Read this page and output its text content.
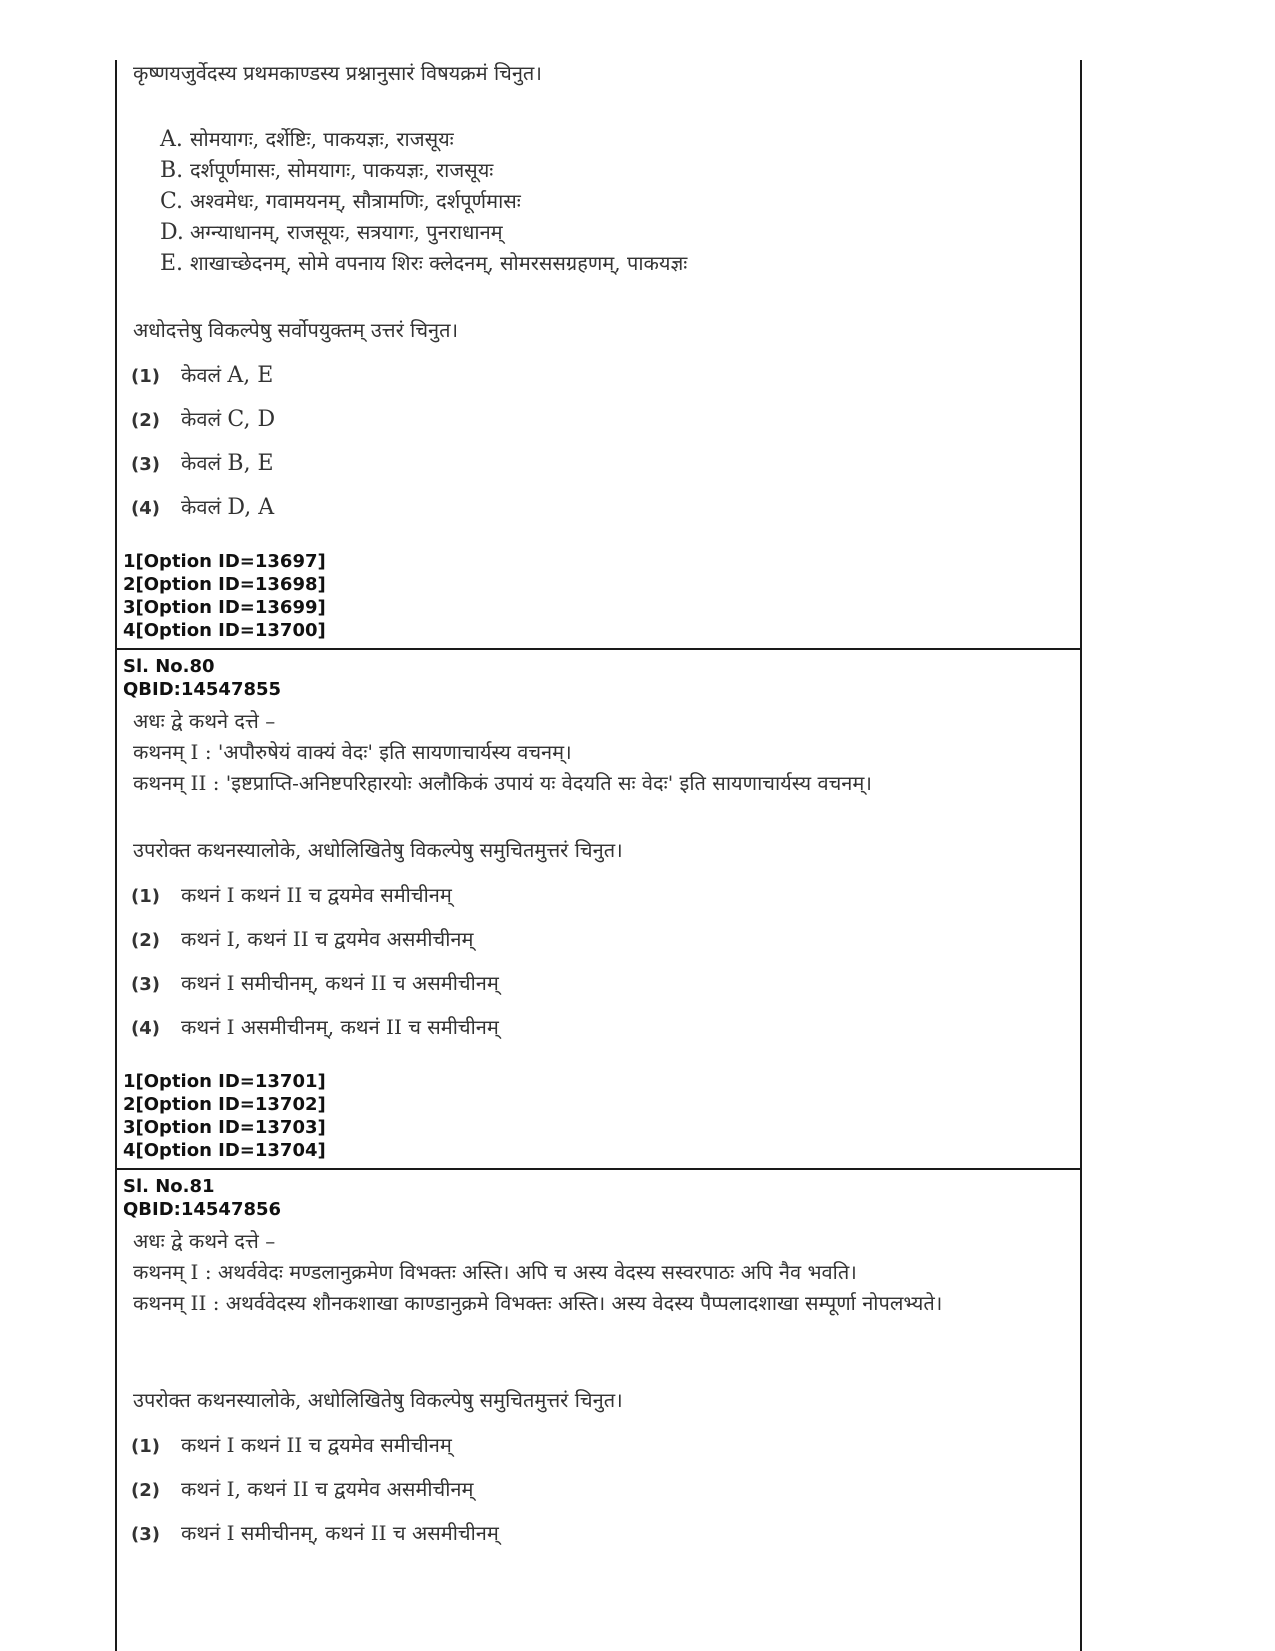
कृष्णयजुर्वेदस्य प्रथमकाण्डस्य प्रश्नानुसारं विषयक्रमं चिनुत।
A. सोमयागः, दर्शेष्टिः, पाकयज्ञः, राजसूयः
B. दर्शपूर्णमासः, सोमयागः, पाकयज्ञः, राजसूयः
C. अश्वमेधः, गवामयनम्, सौत्रामणिः, दर्शपूर्णमासः
D. अग्न्याधानम्, राजसूयः, सत्रयागः, पुनराधानम्
E. शाखाच्छेदनम्, सोमे वपनाय शिरः क्लेदनम्, सोमरससग्रहणम्, पाकयज्ञः
अधोदत्तेषु विकल्पेषु सर्वोपयुक्तम् उत्तरं चिनुत।
(1) केवलं A, E
(2) केवलं C, D
(3) केवलं B, E
(4) केवलं D, A
1[Option ID=13697]
2[Option ID=13698]
3[Option ID=13699]
4[Option ID=13700]
Sl. No.80
QBID:14547855
अधः द्वे कथने दत्ते –
कथनम् I : 'अपौरुषेयं वाक्यं वेदः' इति सायणाचार्यस्य वचनम्।
कथनम् II : 'इष्टप्राप्ति-अनिष्टपरिहारयोः अलौकिकं उपायं यः वेदयति सः वेदः' इति सायणाचार्यस्य वचनम्।
उपरोक्त कथनस्यालोके, अधोलिखितेषु विकल्पेषु समुचितमुत्तरं चिनुत।
(1) कथनं I कथनं II च द्वयमेव समीचीनम्
(2) कथनं I, कथनं II च द्वयमेव असमीचीनम्
(3) कथनं I समीचीनम्, कथनं II च असमीचीनम्
(4) कथनं I असमीचीनम्, कथनं II च समीचीनम्
1[Option ID=13701]
2[Option ID=13702]
3[Option ID=13703]
4[Option ID=13704]
Sl. No.81
QBID:14547856
अधः द्वे कथने दत्ते –
कथनम् I : अथर्ववेदः मण्डलानुक्रमेण विभक्तः अस्ति। अपि च अस्य वेदस्य सस्वरपाठः अपि नैव भवति।
कथनम् II : अथर्ववेदस्य शौनकशाखा काण्डानुक्रमे विभक्तः अस्ति। अस्य वेदस्य पैप्पलादशाखा सम्पूर्णा नोपलभ्यते।
उपरोक्त कथनस्यालोके, अधोलिखितेषु विकल्पेषु समुचितमुत्तरं चिनुत।
(1) कथनं I कथनं II च द्वयमेव समीचीनम्
(2) कथनं I, कथनं II च द्वयमेव असमीचीनम्
(3) कथनं I समीचीनम्, कथनं II च असमीचीनम्
